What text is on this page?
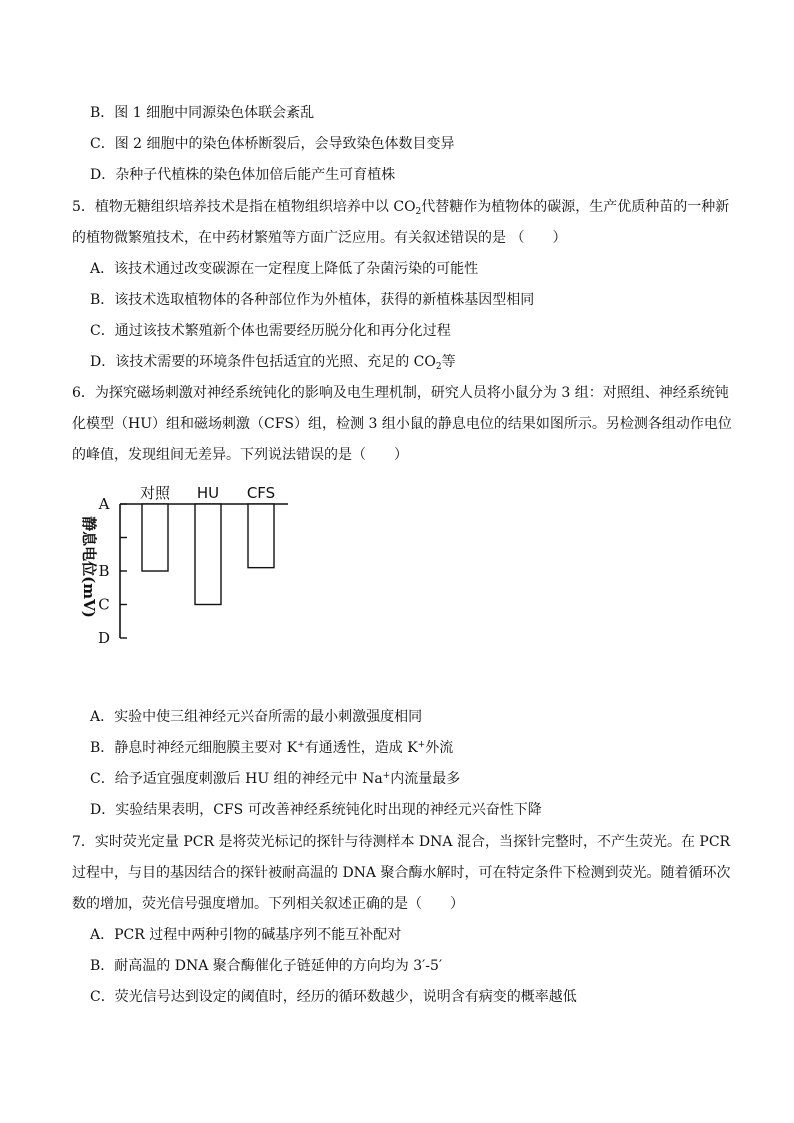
B．图 1 细胞中同源染色体联会紊乱
C．图 2 细胞中的染色体桥断裂后，会导致染色体数目变异
D．杂种子代植株的染色体加倍后能产生可育植株
5．植物无糖组织培养技术是指在植物组织培养中以 $CO_2$代替糖作为植物体的碳源，生产优质种苗的一种新
的植物微繁殖技术，在中药材繁殖等方面广泛应用。有关叙述错误的是 （　　）
A．该技术通过改变碳源在一定程度上降低了杂菌污染的可能性
B．该技术选取植物体的各种部位作为外植体，获得的新植株基因型相同
C．通过该技术繁殖新个体也需要经历脱分化和再分化过程
D．该技术需要的环境条件包括适宜的光照、充足的 $CO_2$等
6．为探究磁场刺激对神经系统钝化的影响及电生理机制，研究人员将小鼠分为 3 组：对照组、神经系统钝
化模型（HU）组和磁场刺激（CFS）组，检测 3 组小鼠的静息电位的结果如图所示。另检测各组动作电位
的峰值，发现组间无差异。下列说法错误的是（　　）
A
B
C
D
静息电位(mV)
对照 HU CFS
A．实验中使三组神经元兴奋所需的最小刺激强度相同
B．静息时神经元细胞膜主要对 K+有通透性，造成 K+外流
C．给予适宜强度刺激后 HU 组的神经元中 Na+内流量最多
D．实验结果表明，CFS 可改善神经系统钝化时出现的神经元兴奋性下降
7．实时荧光定量 PCR 是将荧光标记的探针与待测样本 DNA 混合，当探针完整时，不产生荧光。在 PCR
过程中，与目的基因结合的探针被耐高温的 DNA 聚合酶水解时，可在特定条件下检测到荧光。随着循环次
数的增加，荧光信号强度增加。下列相关叙述正确的是（　　）
A．PCR 过程中两种引物的碱基序列不能互补配对
B．耐高温的 DNA 聚合酶催化子链延伸的方向均为 3′-5′
C．荧光信号达到设定的阈值时，经历的循环数越少，说明含有病变的概率越低
